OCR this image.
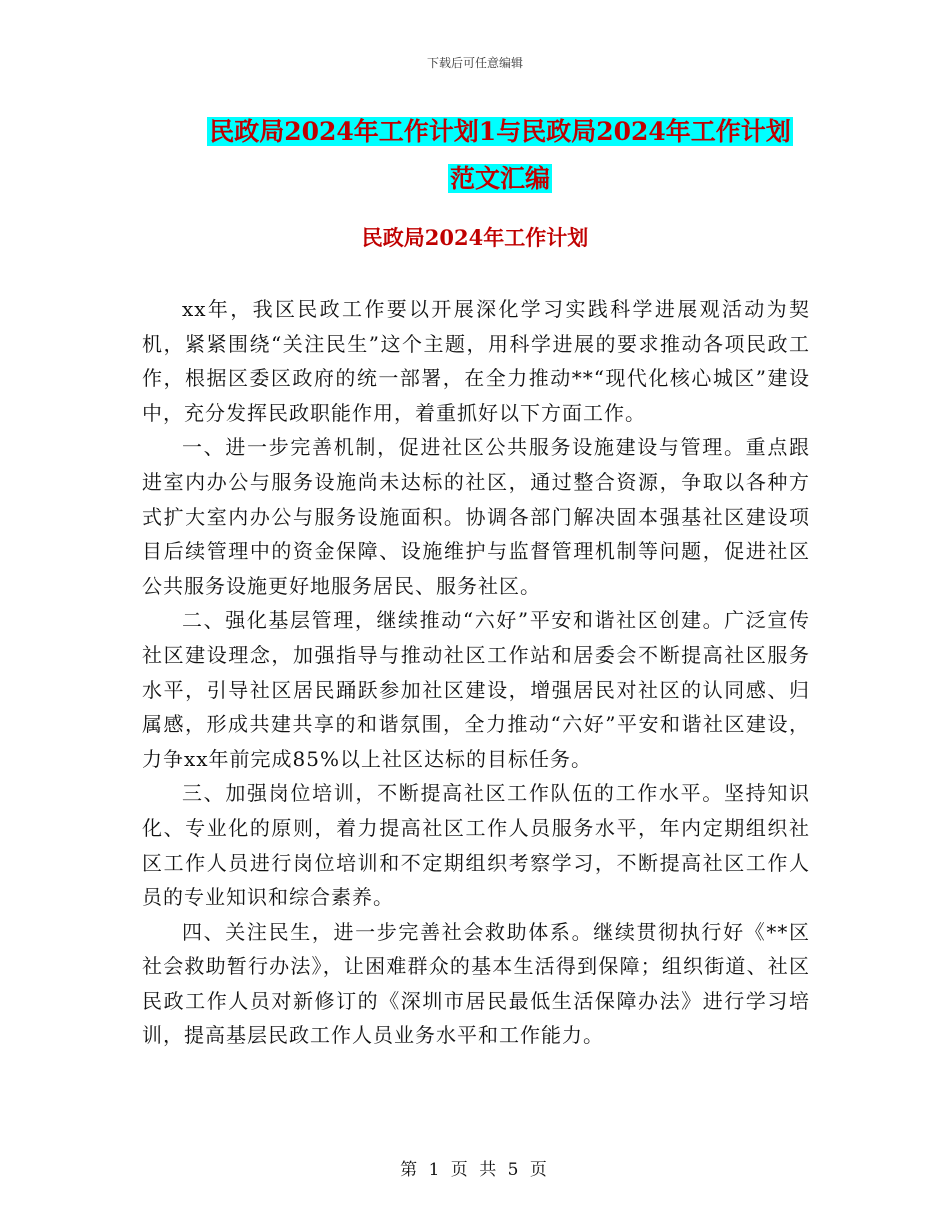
下载后可任意编辑
民政局2024年工作计划1与民政局2024年工作计划
范文汇编
民政局2024年工作计划

xx年，我区民政工作要以开展深化学习实践科学进展观活动为契机，紧紧围绕“关注民生”这个主题，用科学进展的要求推动各项民政工作，根据区委区政府的统一部署，在全力推动**“现代化核心城区”建设中，充分发挥民政职能作用，着重抓好以下方面工作。

一、进一步完善机制，促进社区公共服务设施建设与管理。重点跟进室内办公与服务设施尚未达标的社区，通过整合资源，争取以各种方式扩大室内办公与服务设施面积。协调各部门解决固本强基社区建设项目后续管理中的资金保障、设施维护与监督管理机制等问题，促进社区公共服务设施更好地服务居民、服务社区。

二、强化基层管理，继续推动“六好”平安和谐社区创建。广泛宣传社区建设理念，加强指导与推动社区工作站和居委会不断提高社区服务水平，引导社区居民踊跃参加社区建设，增强居民对社区的认同感、归属感，形成共建共享的和谐氛围，全力推动“六好”平安和谐社区建设，力争xx年前完成85%以上社区达标的目标任务。

三、加强岗位培训，不断提高社区工作队伍的工作水平。坚持知识化、专业化的原则，着力提高社区工作人员服务水平，年内定期组织社区工作人员进行岗位培训和不定期组织考察学习，不断提高社区工作人员的专业知识和综合素养。

四、关注民生，进一步完善社会救助体系。继续贯彻执行好《**区社会救助暂行办法》，让困难群众的基本生活得到保障；组织街道、社区民政工作人员对新修订的《深圳市居民最低生活保障办法》进行学习培训，提高基层民政工作人员业务水平和工作能力。

第 1 页 共 5 页
